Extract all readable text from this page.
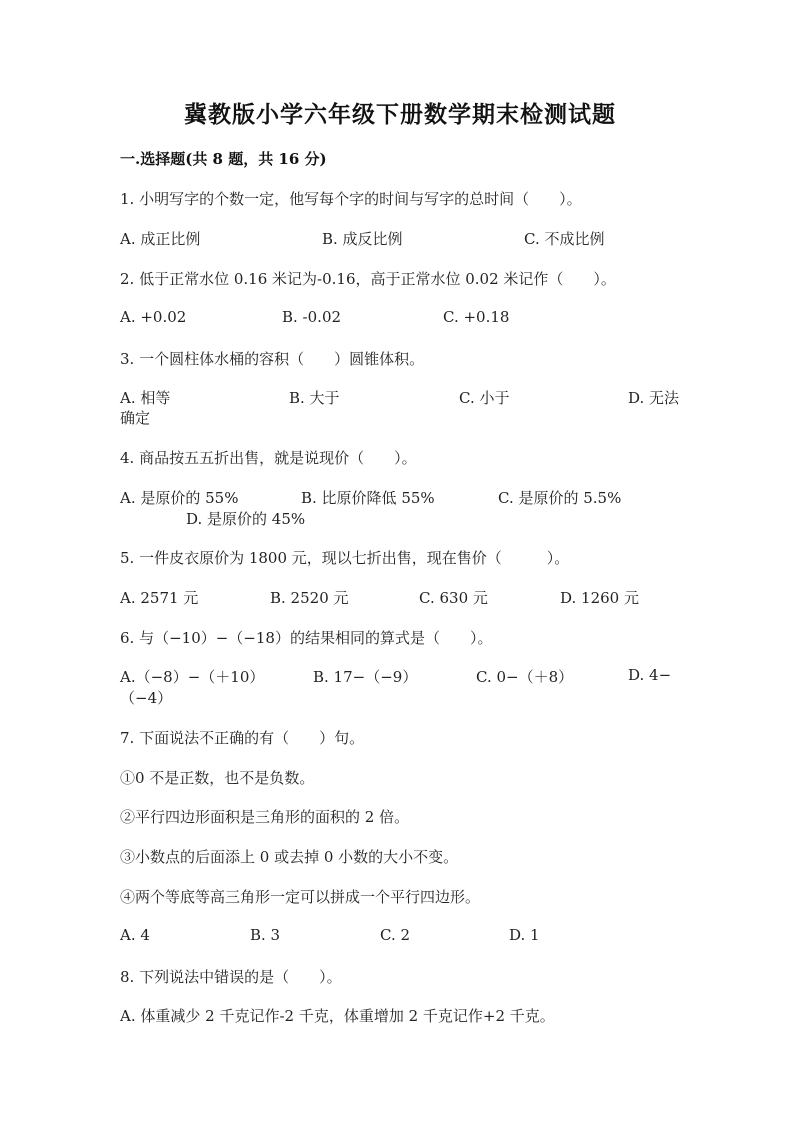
冀教版小学六年级下册数学期末检测试题
一.选择题(共 8 题，共 16 分)
1. 小明写字的个数一定，他写每个字的时间与写字的总时间（　　）。
A. 成正比例	B. 成反比例	C. 不成比例
2. 低于正常水位 0.16 米记为-0.16，高于正常水位 0.02 米记作（　　）。
A. +0.02	B. -0.02	C. +0.18
3. 一个圆柱体水桶的容积（　　）圆锥体积。
A. 相等	B. 大于	C. 小于	D. 无法
确定
4. 商品按五五折出售，就是说现价（　　）。
A. 是原价的 55%	B. 比原价降低 55%	C. 是原价的 5.5%
D. 是原价的 45%
5. 一件皮衣原价为 1800 元，现以七折出售，现在售价（　　　）。
A. 2571 元	B. 2520 元	C. 630 元	D. 1260 元
6. 与（−10）−（−18）的结果相同的算式是（　　）。
A.（−8）−（＋10）	B. 17−（−9）	C. 0−（＋8）	D. 4−
（−4）
7. 下面说法不正确的有（　　）句。
①0 不是正数，也不是负数。
②平行四边形面积是三角形的面积的 2 倍。
③小数点的后面添上 0 或去掉 0 小数的大小不变。
④两个等底等高三角形一定可以拼成一个平行四边形。
A. 4	B. 3	C. 2	D. 1
8. 下列说法中错误的是（　　）。
A. 体重减少 2 千克记作-2 千克，体重增加 2 千克记作+2 千克。
